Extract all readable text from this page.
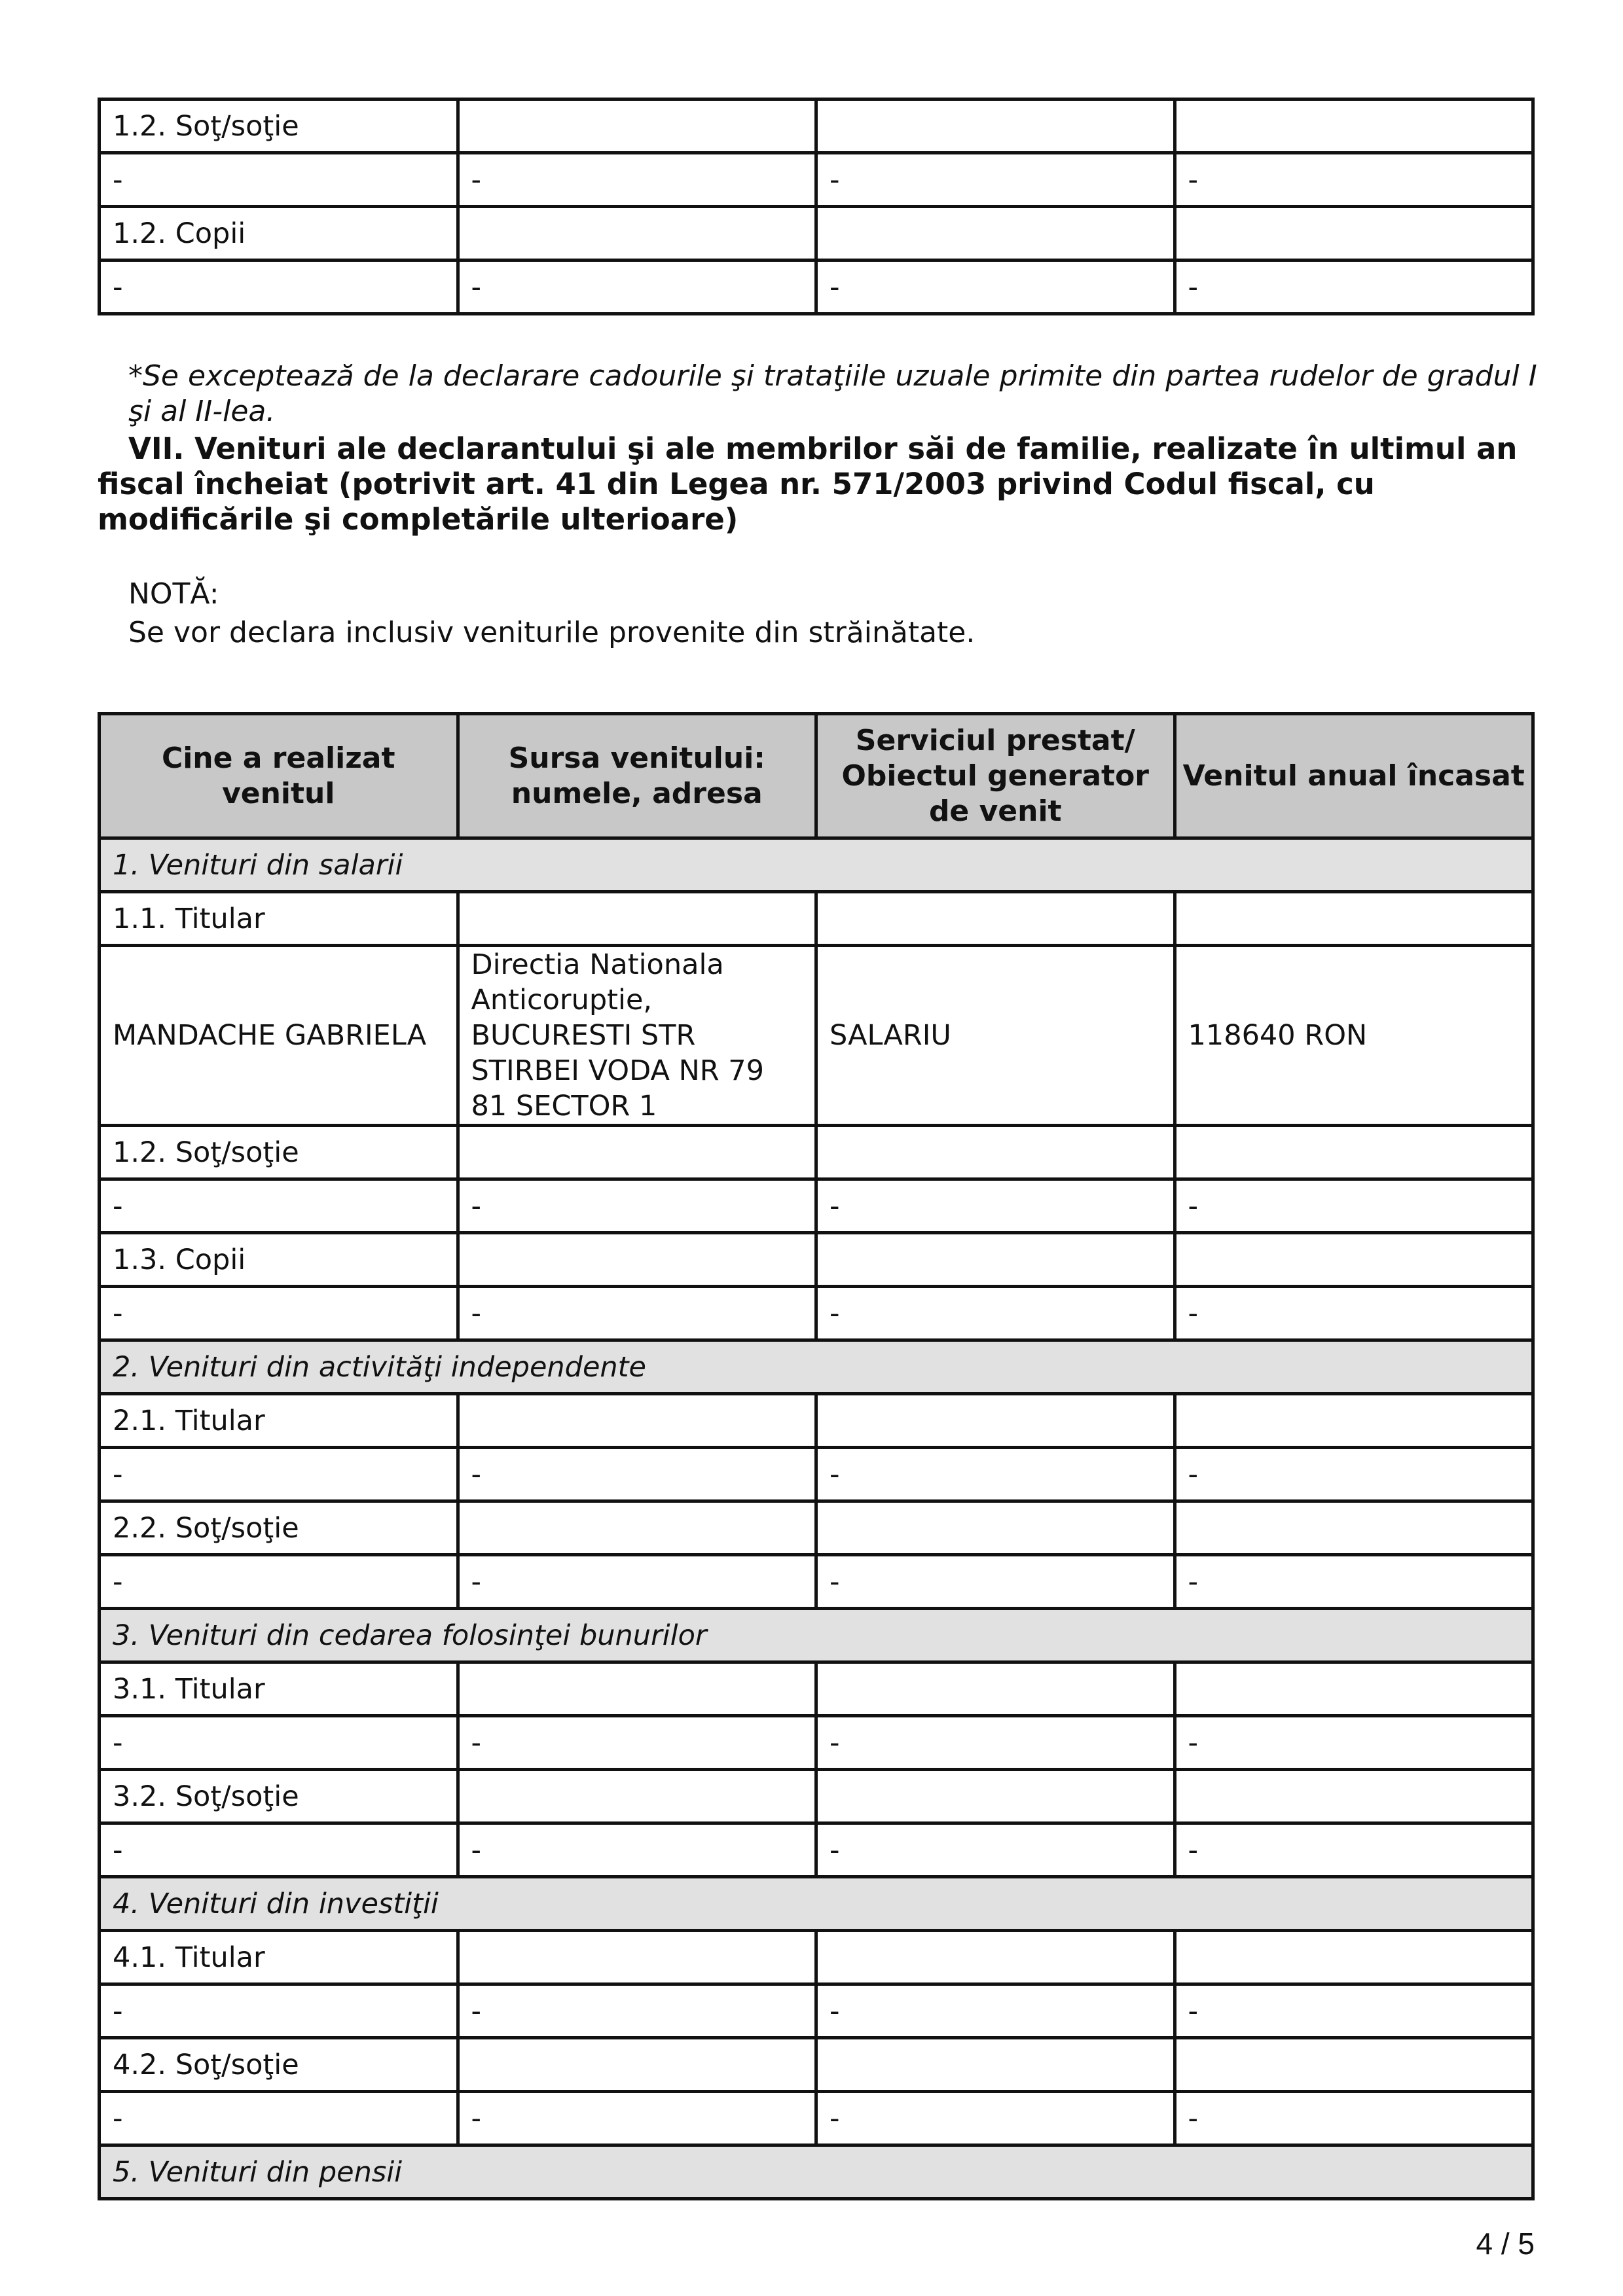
1.2. Soţ/soţie			
-	-	-	-
1.2. Copii			
-	-	-	-

*Se exceptează de la declarare cadourile şi trataţiile uzuale primite din partea rudelor de gradul I şi al II-lea.

VII. Venituri ale declarantului şi ale membrilor săi de familie, realizate în ultimul an fiscal încheiat (potrivit art. 41 din Legea nr. 571/2003 privind Codul fiscal, cu modificările şi completările ulterioare)

NOTĂ:

Se vor declara inclusiv veniturile provenite din străinătate.

Cine a realizat venitul	Sursa venitului: numele, adresa	Serviciul prestat/ Obiectul generator de venit	Venitul anual încasat
1. Venituri din salarii			
1.1. Titular			
MANDACHE GABRIELA	Directia Nationala Anticoruptie, BUCURESTI STR STIRBEI VODA NR 79 81 SECTOR 1	SALARIU	118640 RON
1.2. Soţ/soţie			
-	-	-	-
1.3. Copii			
-	-	-	-
2. Venituri din activităţi independente			
2.1. Titular			
-	-	-	-
2.2. Soţ/soţie			
-	-	-	-
3. Venituri din cedarea folosinţei bunurilor			
3.1. Titular			
-	-	-	-
3.2. Soţ/soţie			
-	-	-	-
4. Venituri din investiţii			
4.1. Titular			
-	-	-	-
4.2. Soţ/soţie			
-	-	-	-
5. Venituri din pensii			
4 / 5
